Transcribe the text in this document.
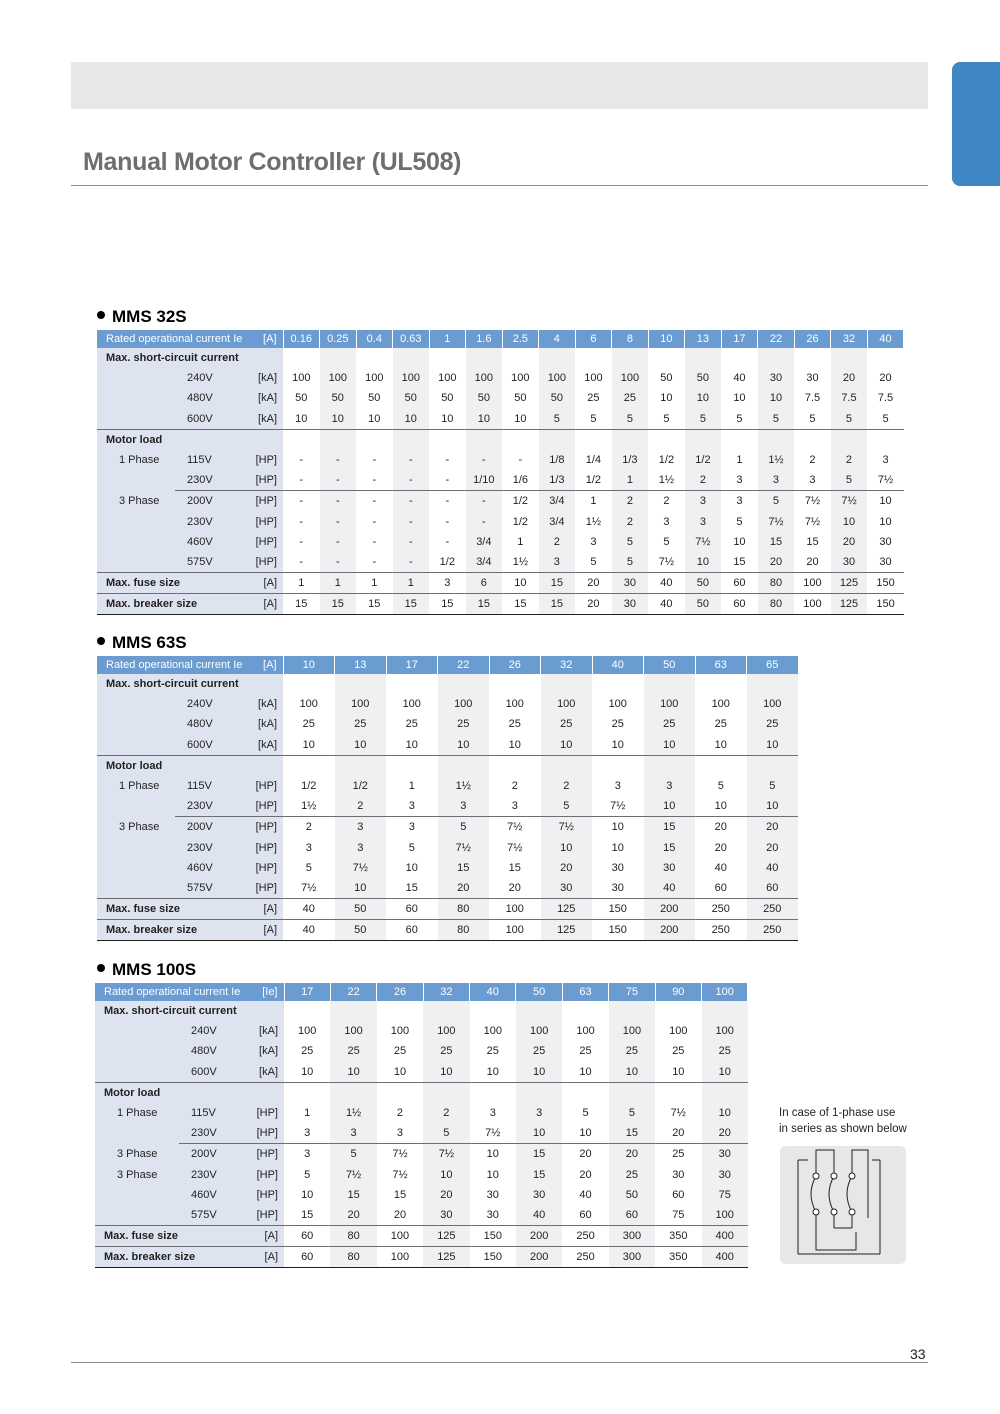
Manual Motor Controller (UL508)
MMS 32S
Rated operational current Ie		[A]	0.16	0.25	0.4	0.63	1	1.6	2.5	4	6	8	10	13	17	22	26	32	40
Max. short-circuit current																			
	240V	[kA]	100	100	100	100	100	100	100	100	100	100	50	50	40	30	30	20	20
	480V	[kA]	50	50	50	50	50	50	50	50	25	25	10	10	10	10	7.5	7.5	7.5
	600V	[kA]	10	10	10	10	10	10	10	5	5	5	5	5	5	5	5	5	5
Motor load																			
1 Phase	115V	[HP]	-	-	-	-	-	-	-	1/8	1/4	1/3	1/2	1/2	1	1½	2	2	3
	230V	[HP]	-	-	-	-	-	1/10	1/6	1/3	1/2	1	1½	2	3	3	3	5	7½
3 Phase	200V	[HP]	-	-	-	-	-	-	1/2	3/4	1	2	2	3	3	5	7½	7½	10
	230V	[HP]	-	-	-	-	-	-	1/2	3/4	1½	2	3	3	5	7½	7½	10	10
	460V	[HP]	-	-	-	-	-	3/4	1	2	3	5	5	7½	10	15	15	20	30
	575V	[HP]	-	-	-	-	1/2	3/4	1½	3	5	5	7½	10	15	20	20	30	30
Max. fuse size		[A]	1	1	1	1	3	6	10	15	20	30	40	50	60	80	100	125	150
Max. breaker size		[A]	15	15	15	15	15	15	15	15	20	30	40	50	60	80	100	125	150
MMS 63S
Rated operational current Ie		[A]	10	13	17	22	26	32	40	50	63	65
Max. short-circuit current												
	240V	[kA]	100	100	100	100	100	100	100	100	100	100
	480V	[kA]	25	25	25	25	25	25	25	25	25	25
	600V	[kA]	10	10	10	10	10	10	10	10	10	10
Motor load												
1 Phase	115V	[HP]	1/2	1/2	1	1½	2	2	3	3	5	5
	230V	[HP]	1½	2	3	3	3	5	7½	10	10	10
3 Phase	200V	[HP]	2	3	3	5	7½	7½	10	15	20	20
	230V	[HP]	3	3	5	7½	7½	10	10	15	20	20
	460V	[HP]	5	7½	10	15	15	20	30	30	40	40
	575V	[HP]	7½	10	15	20	20	30	30	40	60	60
Max. fuse size		[A]	40	50	60	80	100	125	150	200	250	250
Max. breaker size		[A]	40	50	60	80	100	125	150	200	250	250
MMS 100S
Rated operational current Ie		[Ie]	17	22	26	32	40	50	63	75	90	100
Max. short-circuit current												
	240V	[kA]	100	100	100	100	100	100	100	100	100	100
	480V	[kA]	25	25	25	25	25	25	25	25	25	25
	600V	[kA]	10	10	10	10	10	10	10	10	10	10
Motor load												
1 Phase	115V	[HP]	1	1½	2	2	3	3	5	5	7½	10
	230V	[HP]	3	3	3	5	7½	10	10	15	20	20
3 Phase	200V	[HP]	3	5	7½	7½	10	15	20	20	25	30
3 Phase	230V	[HP]	5	7½	7½	10	10	15	20	25	30	30
	460V	[HP]	10	15	15	20	30	30	40	50	60	75
	575V	[HP]	15	20	20	30	30	40	60	60	75	100
Max. fuse size		[A]	60	80	100	125	150	200	250	300	350	400
Max. breaker size		[A]	60	80	100	125	150	200	250	300	350	400

In case of 1-phase use
in series as shown below

33
